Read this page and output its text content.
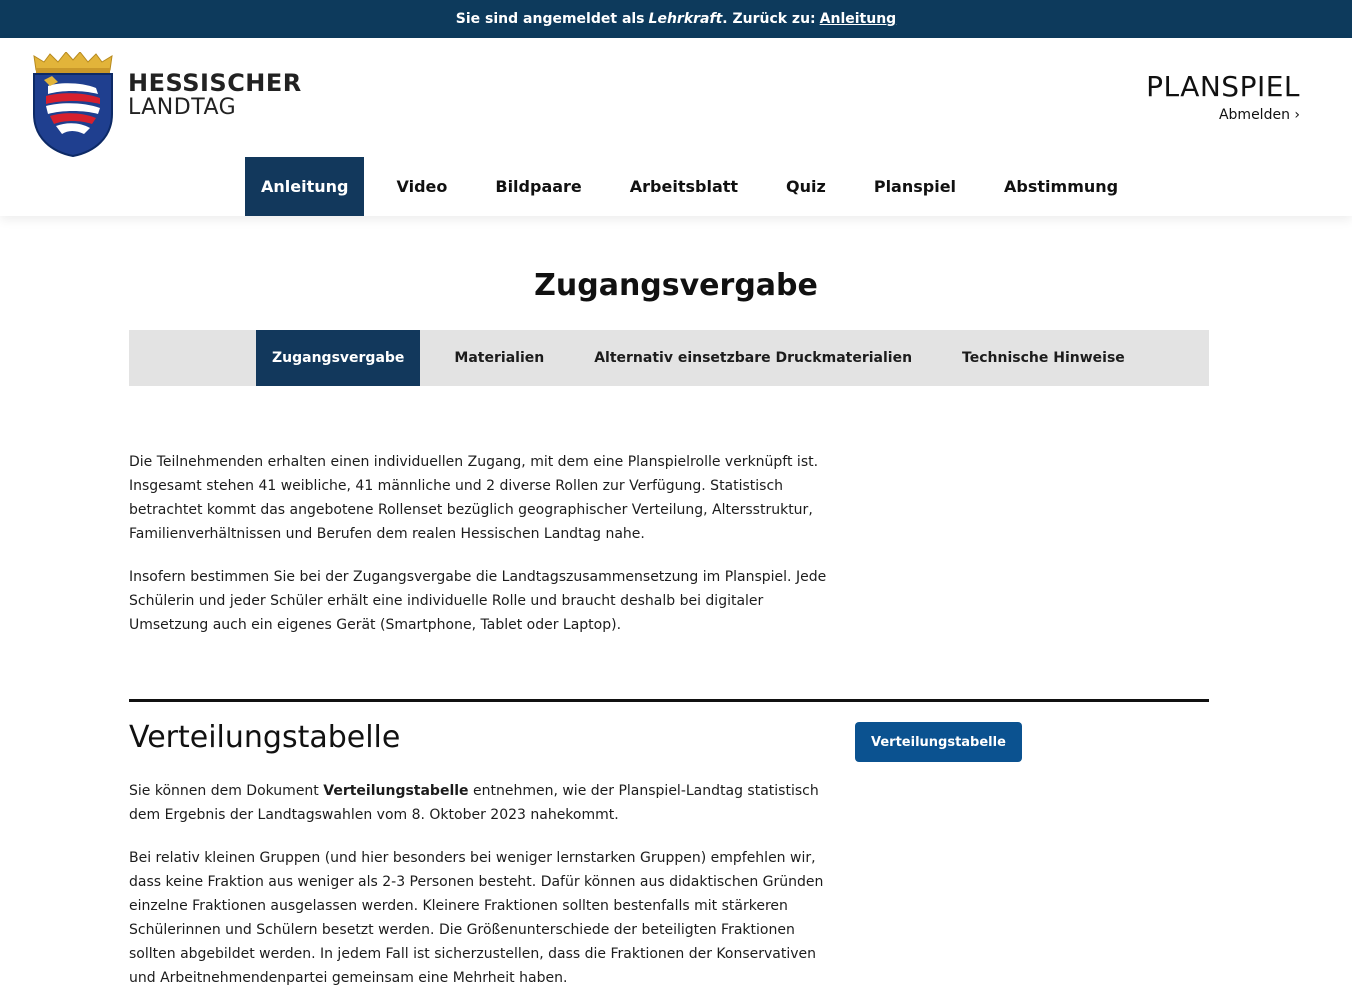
Sie sind angemeldet als Lehrkraft . Zurück zu: Anleitung
HESSISCHER
LANDTAG
PLANSPIEL
Abmelden ›
Anleitung	Video	Bildpaare	Arbeitsblatt	Quiz	Planspiel	Abstimmung
Zugangsvergabe
Zugangsvergabe	Materialien	Alternativ einsetzbare Druckmaterialien	Technische Hinweise

Die Teilnehmenden erhalten einen individuellen Zugang, mit dem eine Planspielrolle verknüpft ist. Insgesamt stehen 41 weibliche, 41 männliche und 2 diverse Rollen zur Verfügung. Statistisch betrachtet kommt das angebotene Rollenset bezüglich geographischer Verteilung, Altersstruktur, Familienverhältnissen und Berufen dem realen Hessischen Landtag nahe.

Insofern bestimmen Sie bei der Zugangsvergabe die Landtagszusammensetzung im Planspiel. Jede Schülerin und jeder Schüler erhält eine individuelle Rolle und braucht deshalb bei digitaler Umsetzung auch ein eigenes Gerät (Smartphone, Tablet oder Laptop).

Verteilungstabelle	Verteilungstabelle

Sie können dem Dokument Verteilungstabelle entnehmen, wie der Planspiel-Landtag statistisch dem Ergebnis der Landtagswahlen vom 8. Oktober 2023 nahekommt.

Bei relativ kleinen Gruppen (und hier besonders bei weniger lernstarken Gruppen) empfehlen wir, dass keine Fraktion aus weniger als 2-3 Personen besteht. Dafür können aus didaktischen Gründen einzelne Fraktionen ausgelassen werden. Kleinere Fraktionen sollten bestenfalls mit stärkeren Schülerinnen und Schülern besetzt werden. Die Größenunterschiede der beteiligten Fraktionen sollten abgebildet werden. In jedem Fall ist sicherzustellen, dass die Fraktionen der Konservativen und Arbeitnehmendenpartei gemeinsam eine Mehrheit haben.
